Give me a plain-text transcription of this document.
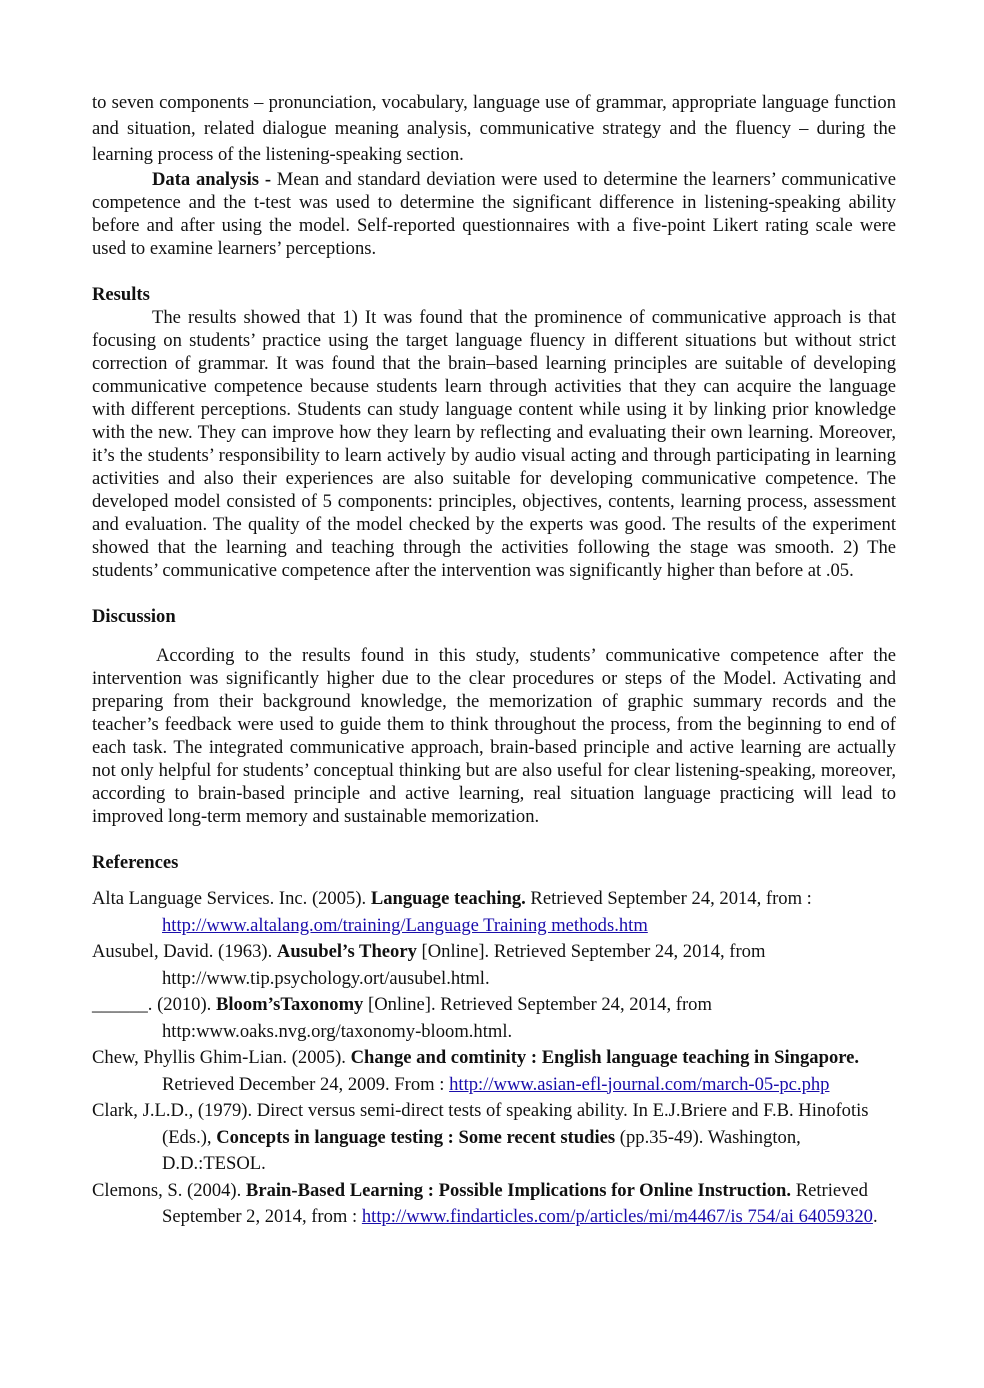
to seven components – pronunciation, vocabulary, language use of grammar, appropriate language function and situation, related dialogue meaning analysis, communicative strategy and the fluency – during the learning process of the listening-speaking section.

Data analysis - Mean and standard deviation were used to determine the learners’ communicative competence and the t-test was used to determine the significant difference in listening-speaking ability before and after using the model. Self-reported questionnaires with a five-point Likert rating scale were used to examine learners’ perceptions.

Results

The results showed that 1) It was found that the prominence of communicative approach is that focusing on students’ practice using the target language fluency in different situations but without strict correction of grammar. It was found that the brain–based learning principles are suitable of developing communicative competence because students learn through activities that they can acquire the language with different perceptions. Students can study language content while using it by linking prior knowledge with the new. They can improve how they learn by reflecting and evaluating their own learning. Moreover, it’s the students’ responsibility to learn actively by audio visual acting and through participating in learning activities and also their experiences are also suitable for developing communicative competence. The developed model consisted of 5 components: principles, objectives, contents, learning process, assessment and evaluation. The quality of the model checked by the experts was good. The results of the experiment showed that the learning and teaching through the activities following the stage was smooth. 2) The students’ communicative competence after the intervention was significantly higher than before at .05.

Discussion

According to the results found in this study, students’ communicative competence after the intervention was significantly higher due to the clear procedures or steps of the Model. Activating and preparing from their background knowledge, the memorization of graphic summary records and the teacher’s feedback were used to guide them to think throughout the process, from the beginning to end of each task. The integrated communicative approach, brain-based principle and active learning are actually not only helpful for students’ conceptual thinking but are also useful for clear listening-speaking, moreover, according to brain-based principle and active learning, real situation language practicing will lead to improved long-term memory and sustainable memorization.

References

Alta Language Services. Inc. (2005). Language teaching. Retrieved September 24, 2014, from : http://www.altalang.om/training/Language Training methods.htm

Ausubel, David. (1963). Ausubel’s Theory [Online]. Retrieved September 24, 2014, from http://www.tip.psychology.ort/ausubel.html.

______. (2010). Bloom’sTaxonomy [Online]. Retrieved September 24, 2014, from http:www.oaks.nvg.org/taxonomy-bloom.html.

Chew, Phyllis Ghim-Lian. (2005). Change and comtinity : English language teaching in Singapore. Retrieved December 24, 2009. From : http://www.asian-efl-journal.com/march-05-pc.php

Clark, J.L.D., (1979). Direct versus semi-direct tests of speaking ability. In E.J.Briere and F.B. Hinofotis (Eds.), Concepts in language testing : Some recent studies (pp.35-49). Washington, D.D.:TESOL.

Clemons, S. (2004). Brain-Based Learning : Possible Implications for Online Instruction. Retrieved September 2, 2014, from : http://www.findarticles.com/p/articles/mi/m4467/is 754/ai 64059320.
